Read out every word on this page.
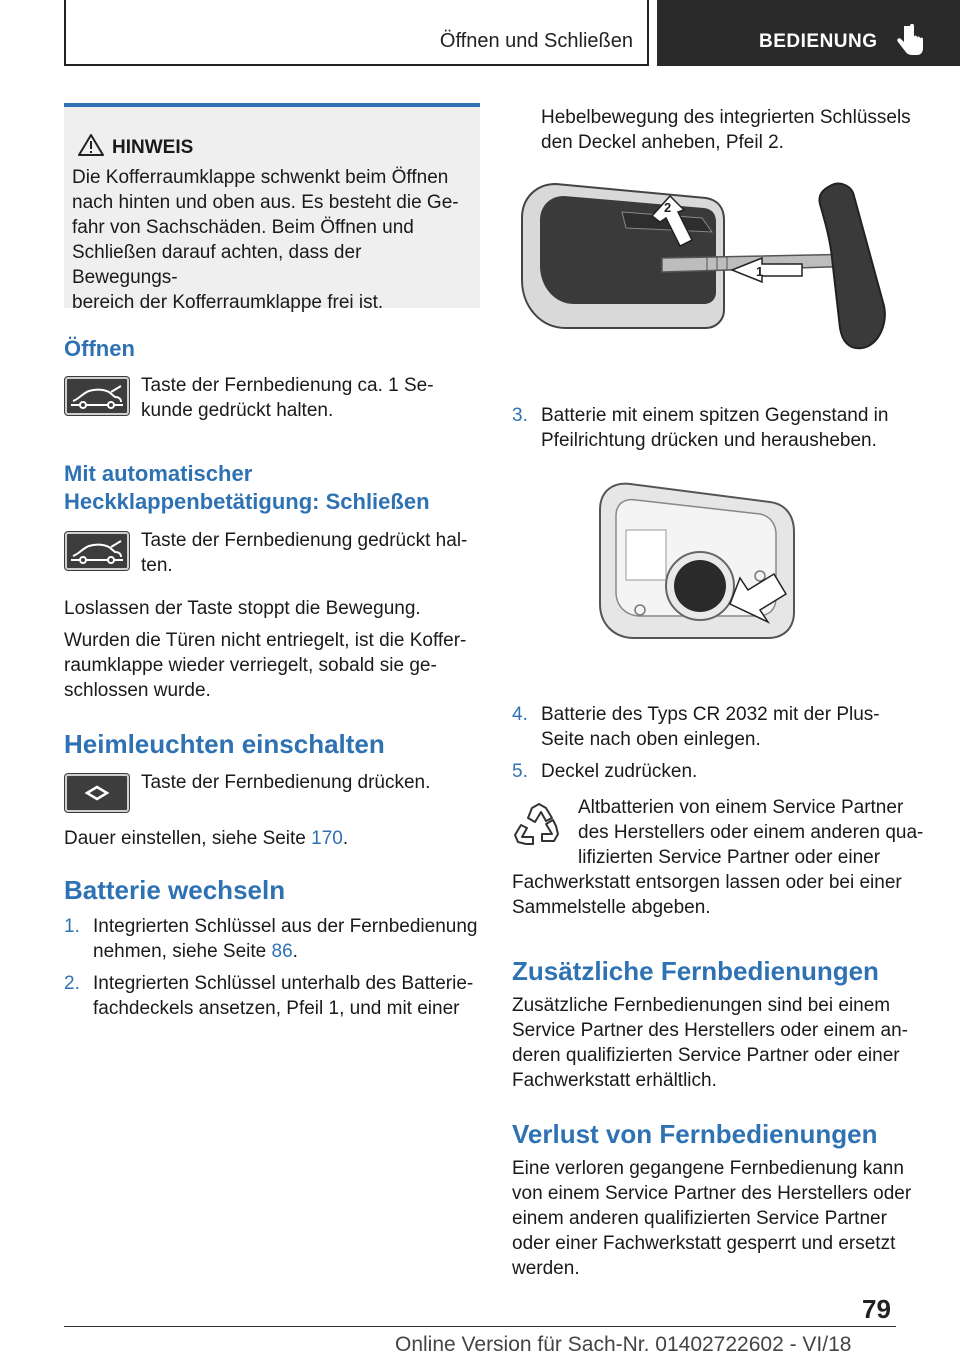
Öffnen und Schließen	BEDIENUNG
HINWEIS
Die Kofferraumklappe schwenkt beim Öffnen
nach hinten und oben aus. Es besteht die Ge-
fahr von Sachschäden. Beim Öffnen und
Schließen darauf achten, dass der Bewegungs-
bereich der Kofferraumklappe frei ist.
Öffnen
Taste der Fernbedienung ca. 1 Se-
kunde gedrückt halten.
Mit automatischer
Heckklappenbetätigung: Schließen
Taste der Fernbedienung gedrückt hal-
ten.
Loslassen der Taste stoppt die Bewegung.
Wurden die Türen nicht entriegelt, ist die Koffer-
raumklappe wieder verriegelt, sobald sie ge-
schlossen wurde.
Heimleuchten einschalten
Taste der Fernbedienung drücken.
Dauer einstellen, siehe Seite 170.
Batterie wechseln
1. Integrierten Schlüssel aus der Fernbedienung
nehmen, siehe Seite 86.
2. Integrierten Schlüssel unterhalb des Batterie-
fachdeckels ansetzen, Pfeil 1, und mit einer
Hebelbewegung des integrierten Schlüssels
den Deckel anheben, Pfeil 2.
1
2
3. Batterie mit einem spitzen Gegenstand in
Pfeilrichtung drücken und herausheben.
4. Batterie des Typs CR 2032 mit der Plus-
Seite nach oben einlegen.
5. Deckel zudrücken.
Altbatterien von einem Service Partner
des Herstellers oder einem anderen qua-
lifizierten Service Partner oder einer
Fachwerkstatt entsorgen lassen oder bei einer
Sammelstelle abgeben.
Zusätzliche Fernbedienungen
Zusätzliche Fernbedienungen sind bei einem
Service Partner des Herstellers oder einem an-
deren qualifizierten Service Partner oder einer
Fachwerkstatt erhältlich.
Verlust von Fernbedienungen
Eine verloren gegangene Fernbedienung kann
von einem Service Partner des Herstellers oder
einem anderen qualifizierten Service Partner
oder einer Fachwerkstatt gesperrt und ersetzt
werden.
79
Online Version für Sach-Nr. 01402722602 - VI/18
